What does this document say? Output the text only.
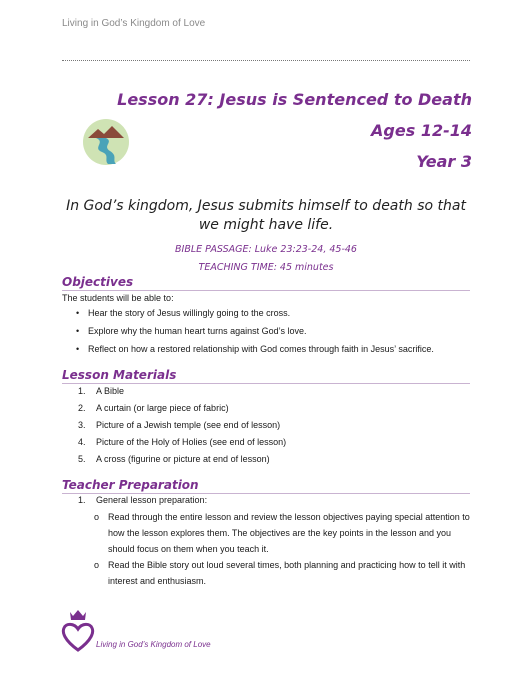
Living in God’s Kingdom of Love
Lesson 27: Jesus is Sentenced to Death
Ages 12-14
Year 3
In God’s kingdom, Jesus submits himself to death so that we might have life.
BIBLE PASSAGE: Luke 23:23-24, 45-46
TEACHING TIME: 45 minutes
Objectives
The students will be able to:
• Hear the story of Jesus willingly going to the cross.
• Explore why the human heart turns against God’s love.
• Reflect on how a restored relationship with God comes through faith in Jesus’ sacrifice.
Lesson Materials
1. A Bible
2. A curtain (or large piece of fabric)
3. Picture of a Jewish temple (see end of lesson)
4. Picture of the Holy of Holies (see end of lesson)
5. A cross (figurine or picture at end of lesson)
Teacher Preparation
1. General lesson preparation:
o Read through the entire lesson and review the lesson objectives paying special attention to how the lesson explores them. The objectives are the key points in the lesson and you should focus on them when you teach it.
o Read the Bible story out loud several times, both planning and practicing how to tell it with interest and enthusiasm.
Living in God’s Kingdom of Love
